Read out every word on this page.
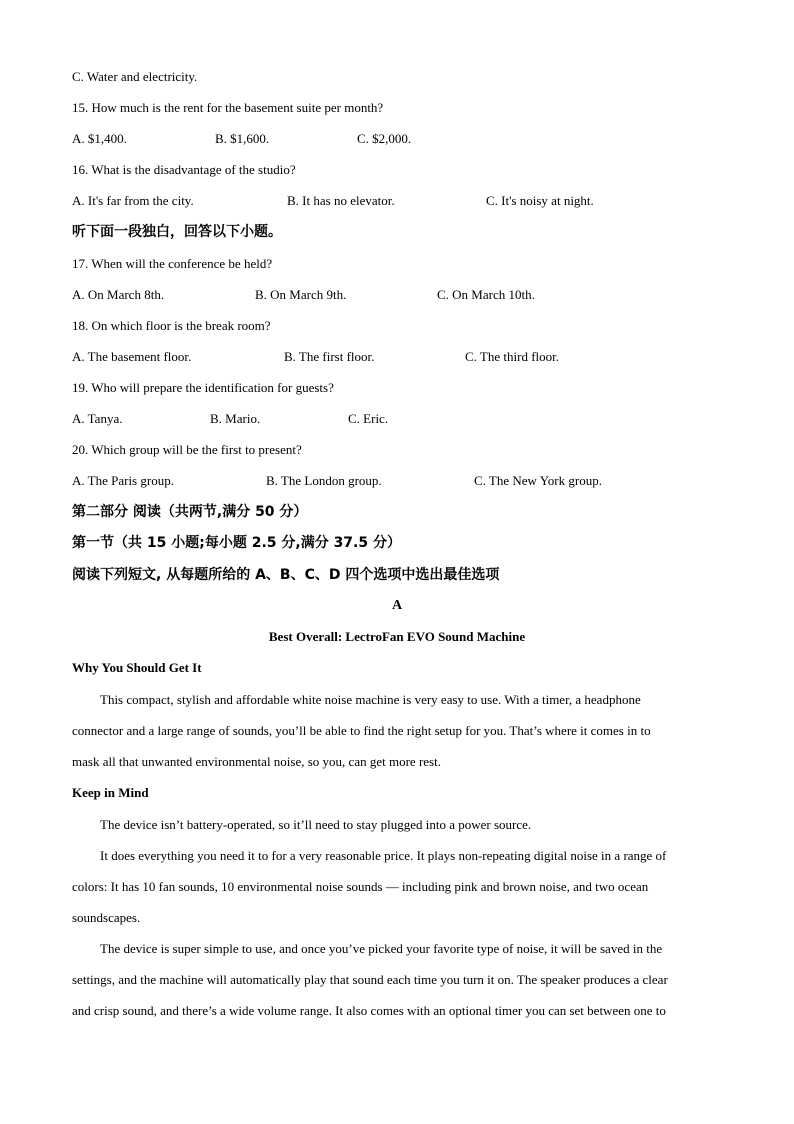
C. Water and electricity.
15. How much is the rent for the basement suite per month?
A. $1,400.	B. $1,600.	C. $2,000.
16. What is the disadvantage of the studio?
A. It's far from the city.	B. It has no elevator.	C. It's noisy at night.
听下面一段独白，回答以下小题。
17. When will the conference be held?
A. On March 8th.	B. On March 9th.	C. On March 10th.
18. On which floor is the break room?
A. The basement floor.	B. The first floor.	C. The third floor.
19. Who will prepare the identification for guests?
A. Tanya.	B. Mario.	C. Eric.
20. Which group will be the first to present?
A. The Paris group.	B. The London group.	C. The New York group.
第二部分 阅读（共两节,满分 50 分）
第一节（共 15 小题;每小题 2.5 分,满分 37.5 分）
阅读下列短文, 从每题所给的 A、B、C、D 四个选项中选出最佳选项
A
Best Overall: LectroFan EVO Sound Machine
Why You Should Get It
This compact, stylish and affordable white noise machine is very easy to use. With a timer, a headphone
connector and a large range of sounds, you’ll be able to find the right setup for you. That’s where it comes in to
mask all that unwanted environmental noise, so you, can get more rest.
Keep in Mind
The device isn’t battery-operated, so it’ll need to stay plugged into a power source.
It does everything you need it to for a very reasonable price. It plays non-repeating digital noise in a range of
colors: It has 10 fan sounds, 10 environmental noise sounds — including pink and brown noise, and two ocean
soundscapes.
The device is super simple to use, and once you’ve picked your favorite type of noise, it will be saved in the
settings, and the machine will automatically play that sound each time you turn it on. The speaker produces a clear
and crisp sound, and there’s a wide volume range. It also comes with an optional timer you can set between one to
